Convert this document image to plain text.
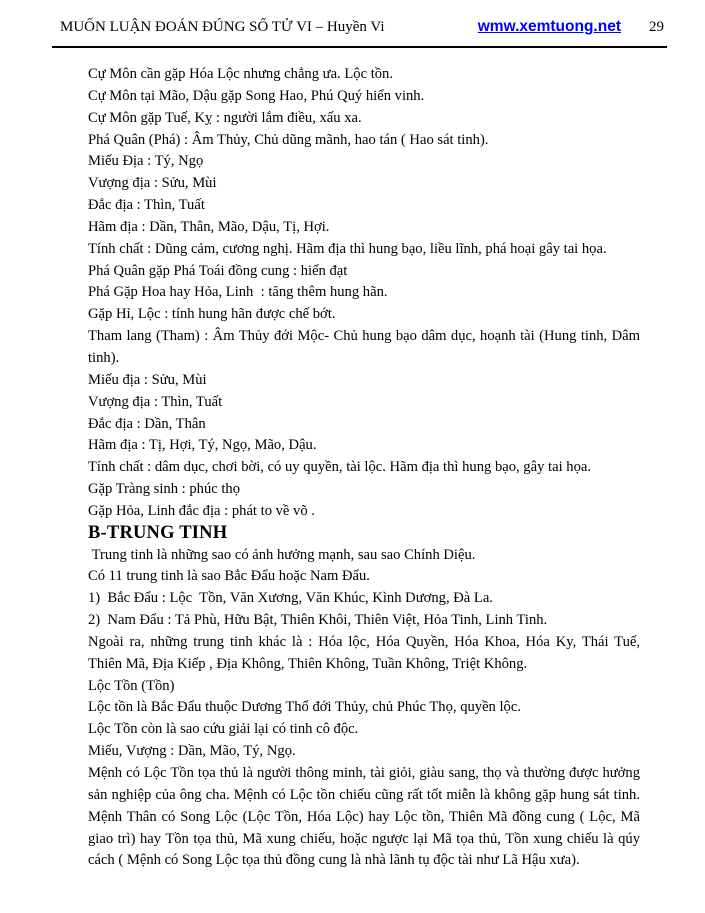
MUỐN LUẬN ĐOÁN ĐÚNG SỐ TỬ VI – Huyền Vi	wmw.xemtuong.net 29
Cự Môn cần gặp Hóa Lộc nhưng chẳng ưa. Lộc tồn.
Cự Môn tại Mão, Dậu gặp Song Hao, Phú Quý hiển vinh.
Cự Môn gặp Tuế, Kỵ : người lắm điều, xấu xa.
Phá Quân (Phá) : Âm Thủy, Chủ dũng mãnh, hao tán ( Hao sát tinh).
Miếu Địa : Tý, Ngọ
Vượng địa : Sửu, Mùi
Đắc địa : Thìn, Tuất
Hãm địa : Dần, Thân, Mão, Dậu, Tị, Hợi.
Tính chất : Dũng cảm, cương nghị. Hãm địa thì hung bạo, liều lĩnh, phá hoại gây tai họa.
Phá Quân gặp Phá Toái đồng cung : hiển đạt
Phá Gặp Hoa hay Hỏa, Linh  : tăng thêm hung hãn.
Gặp Hỉ, Lộc : tính hung hãn được chế bớt.
Tham lang (Tham) : Âm Thủy đới Mộc- Chủ hung bạo dâm dục, hoạnh tài (Hung tinh, Dâm
tinh).
Miếu địa : Sửu, Mùi
Vượng địa : Thìn, Tuất
Đắc địa : Dần, Thân
Hãm địa : Tị, Hợi, Tý, Ngọ, Mão, Dậu.
Tính chất : dâm dục, chơi bời, có uy quyền, tài lộc. Hãm địa thì hung bạo, gây tai họa.
Gặp Tràng sinh : phúc thọ
Gặp Hỏa, Linh đắc địa : phát to về võ .
B-TRUNG TINH
Trung tinh là những sao có ảnh hưởng mạnh, sau sao Chính Diệu.
Có 11 trung tinh là sao Bắc Đẩu hoặc Nam Đẩu.
1)  Bắc Đẩu : Lộc  Tồn, Văn Xương, Văn Khúc, Kình Dương, Đà La.
2)  Nam Đẩu : Tả Phù, Hữu Bật, Thiên Khôi, Thiên Việt, Hỏa Tinh, Linh Tinh.
Ngoài ra, những trung tinh khác là : Hóa lộc, Hóa Quyền, Hóa Khoa, Hóa Ky, Thái Tuế,
Thiên Mã, Địa Kiếp , Địa Không, Thiên Không, Tuần Không, Triệt Không.
Lộc Tồn (Tồn)
Lộc tồn là Bắc Đẩu thuộc Dương Thổ đới Thủy, chủ Phúc Thọ, quyền lộc.
Lộc Tồn còn là sao cứu giải lại có tinh cô độc.
Miếu, Vượng : Dần, Mão, Tý, Ngọ.
Mệnh có Lộc Tồn tọa thủ là người thông minh, tài giỏi, giàu sang, thọ và thường được hưởng
sản nghiệp của ông cha. Mệnh có Lộc tồn chiếu cũng rất tốt miễn là không gặp hung sát tinh.
Mệnh Thân có Song Lộc (Lộc Tồn, Hóa Lộc) hay Lộc tồn, Thiên Mã đồng cung ( Lộc, Mã
giao trì) hay Tồn tọa thủ, Mã xung chiếu, hoặc ngược lại Mã tọa thủ, Tồn xung chiếu là qúy
cách ( Mệnh có Song Lộc tọa thủ đồng cung là nhà lãnh tụ độc tài như Lã Hậu xưa).
